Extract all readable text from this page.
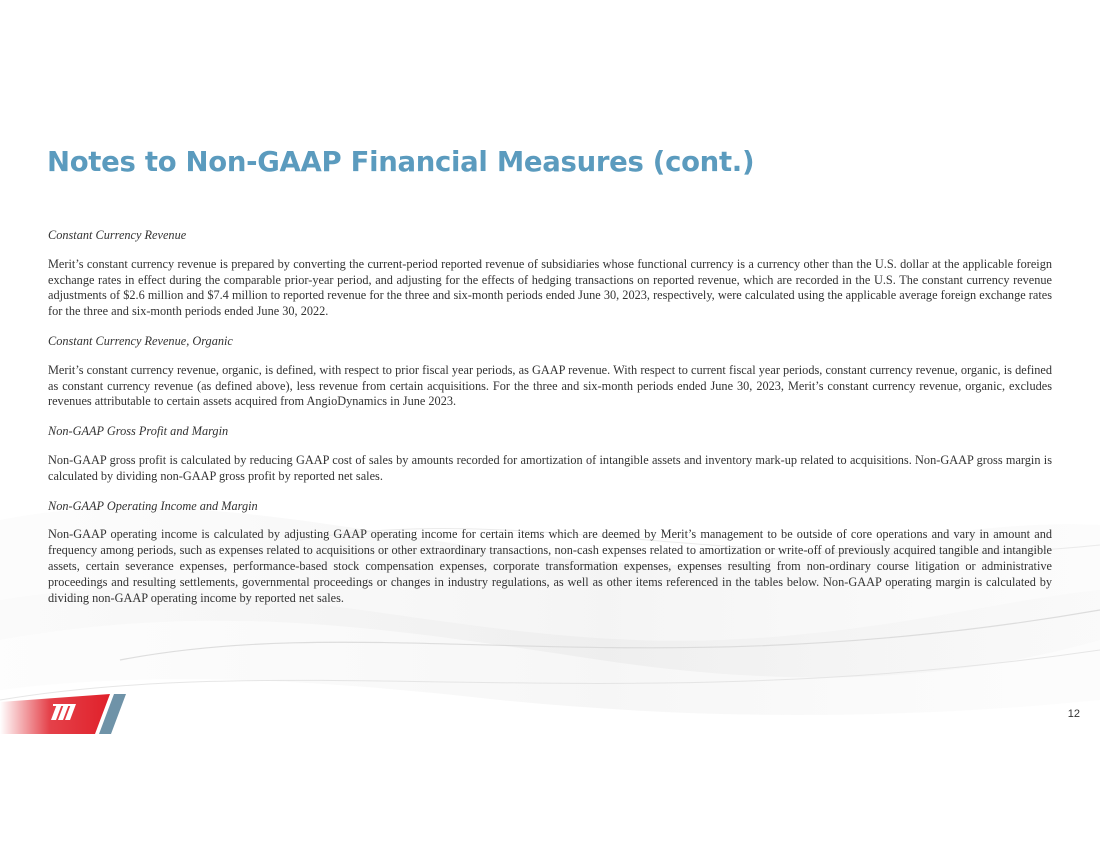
Notes to Non-GAAP Financial Measures (cont.)

Constant Currency Revenue

Merit’s constant currency revenue is prepared by converting the current-period reported revenue of subsidiaries whose functional currency is a currency other than the U.S. dollar at the applicable foreign exchange rates in effect during the comparable prior-year period, and adjusting for the effects of hedging transactions on reported revenue, which are recorded in the U.S. The constant currency revenue adjustments of $2.6 million and $7.4 million to reported revenue for the three and six-month periods ended June 30, 2023, respectively, were calculated using the applicable average foreign exchange rates for the three and six-month periods ended June 30, 2022.

Constant Currency Revenue, Organic

Merit’s constant currency revenue, organic, is defined, with respect to prior fiscal year periods, as GAAP revenue. With respect to current fiscal year periods, constant currency revenue, organic, is defined as constant currency revenue (as defined above), less revenue from certain acquisitions. For the three and six-month periods ended June 30, 2023, Merit’s constant currency revenue, organic, excludes revenues attributable to certain assets acquired from AngioDynamics in June 2023.

Non-GAAP Gross Profit and Margin

Non-GAAP gross profit is calculated by reducing GAAP cost of sales by amounts recorded for amortization of intangible assets and inventory mark-up related to acquisitions. Non-GAAP gross margin is calculated by dividing non-GAAP gross profit by reported net sales.

Non-GAAP Operating Income and Margin

Non-GAAP operating income is calculated by adjusting GAAP operating income for certain items which are deemed by Merit’s management to be outside of core operations and vary in amount and frequency among periods, such as expenses related to acquisitions or other extraordinary transactions, non-cash expenses related to amortization or write-off of previously acquired tangible and intangible assets, certain severance expenses, performance-based stock compensation expenses, corporate transformation expenses, expenses resulting from non-ordinary course litigation or administrative proceedings and resulting settlements, governmental proceedings or changes in industry regulations, as well as other items referenced in the tables below. Non-GAAP operating margin is calculated by dividing non-GAAP operating income by reported net sales.

12
